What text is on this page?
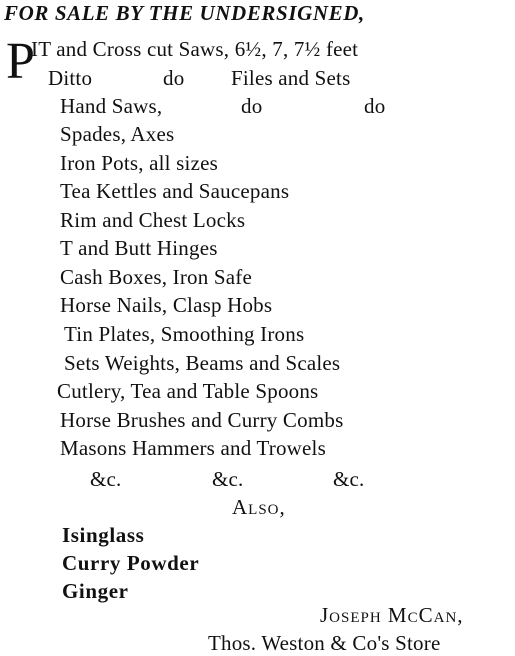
FOR SALE BY THE UNDERSIGNED,
P
IT and Cross cut Saws, 6½, 7, 7½ feet
Ditto	do Files and Sets
Hand Saws,	do	do
Spades, Axes
Iron Pots, all sizes
Tea Kettles and Saucepans
Rim and Chest Locks
T and Butt Hinges
Cash Boxes, Iron Safe
Horse Nails, Clasp Hobs
Tin Plates, Smoothing Irons
Sets Weights, Beams and Scales
Cutlery, Tea and Table Spoons
Horse Brushes and Curry Combs
Masons Hammers and Trowels
&c.	&c.	&c.
Also,
Isinglass
Curry Powder
Ginger
Joseph McCan,
Thos. Weston & Co's Store
